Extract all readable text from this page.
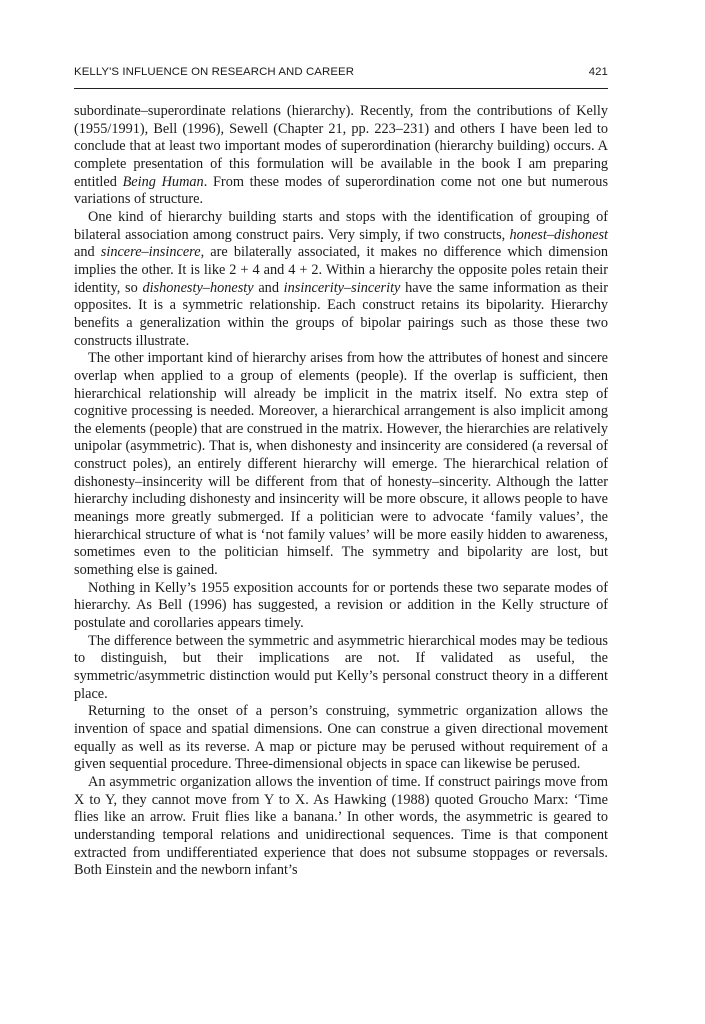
KELLY'S INFLUENCE ON RESEARCH AND CAREER	421

subordinate–superordinate relations (hierarchy). Recently, from the contributions of Kelly (1955/1991), Bell (1996), Sewell (Chapter 21, pp. 223–231) and others I have been led to conclude that at least two important modes of superordination (hierarchy building) occurs. A complete presentation of this formulation will be available in the book I am preparing entitled Being Human. From these modes of superordination come not one but numerous variations of structure.

One kind of hierarchy building starts and stops with the identification of grouping of bilateral association among construct pairs. Very simply, if two constructs, honest–dishonest and sincere–insincere, are bilaterally associated, it makes no difference which dimension implies the other. It is like 2 + 4 and 4 + 2. Within a hierarchy the opposite poles retain their identity, so dishonesty–honesty and insincerity–sincerity have the same information as their opposites. It is a symmetric relationship. Each construct retains its bipolarity. Hierarchy benefits a generalization within the groups of bipolar pairings such as those these two constructs illustrate.

The other important kind of hierarchy arises from how the attributes of honest and sincere overlap when applied to a group of elements (people). If the overlap is sufficient, then hierarchical relationship will already be implicit in the matrix itself. No extra step of cognitive processing is needed. Moreover, a hierarchical arrangement is also implicit among the elements (people) that are construed in the matrix. However, the hierarchies are relatively unipolar (asymmetric). That is, when dishonesty and insincerity are considered (a reversal of construct poles), an entirely different hierarchy will emerge. The hierarchical relation of dishonesty–insincerity will be different from that of honesty–sincerity. Although the latter hierarchy including dishonesty and insincerity will be more obscure, it allows people to have meanings more greatly submerged. If a politician were to advocate ‘family values’, the hierarchical structure of what is ‘not family values’ will be more easily hidden to awareness, sometimes even to the politician himself. The symmetry and bipolarity are lost, but something else is gained.

Nothing in Kelly’s 1955 exposition accounts for or portends these two separate modes of hierarchy. As Bell (1996) has suggested, a revision or addition in the Kelly structure of postulate and corollaries appears timely.

The difference between the symmetric and asymmetric hierarchical modes may be tedious to distinguish, but their implications are not. If validated as useful, the symmetric/asymmetric distinction would put Kelly’s personal construct theory in a different place.

Returning to the onset of a person’s construing, symmetric organization allows the invention of space and spatial dimensions. One can construe a given directional movement equally as well as its reverse. A map or picture may be perused without requirement of a given sequential procedure. Three-dimensional objects in space can likewise be perused.

An asymmetric organization allows the invention of time. If construct pairings move from X to Y, they cannot move from Y to X. As Hawking (1988) quoted Groucho Marx: ‘Time flies like an arrow. Fruit flies like a banana.’ In other words, the asymmetric is geared to understanding temporal relations and unidirectional sequences. Time is that component extracted from undifferentiated experience that does not subsume stoppages or reversals. Both Einstein and the newborn infant’s
